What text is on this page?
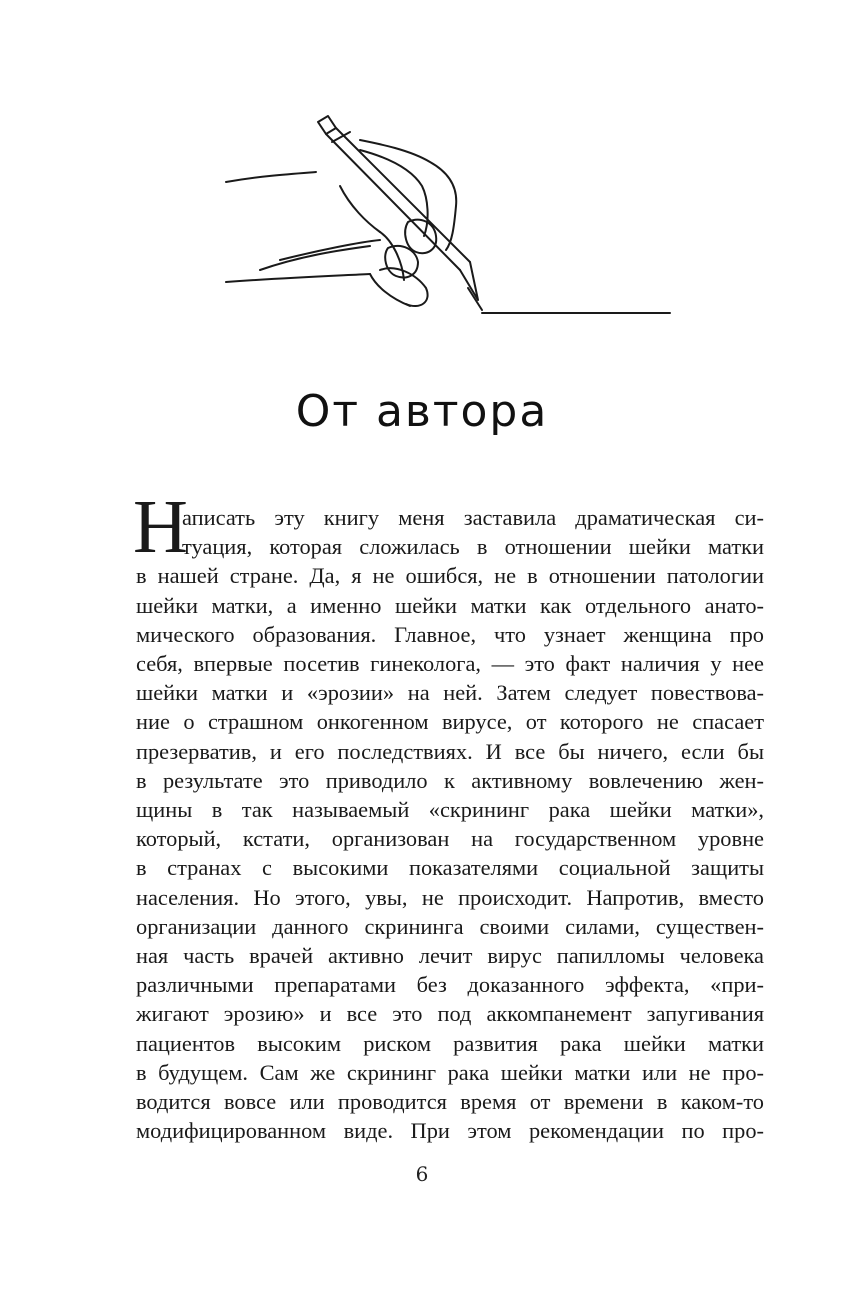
От автора
Н
аписать эту книгу меня заставила драматическая си-
туация, которая сложилась в отношении шейки матки
в нашей стране. Да, я не ошибся, не в отношении патологии
шейки матки, а именно шейки матки как отдельного анато-
мического образования. Главное, что узнает женщина про
себя, впервые посетив гинеколога, — это факт наличия у нее
шейки матки и «эрозии» на ней. Затем следует повествова-
ние о страшном онкогенном вирусе, от которого не спасает
презерватив, и его последствиях. И все бы ничего, если бы
в результате это приводило к активному вовлечению жен-
щины в так называемый «скрининг рака шейки матки»,
который, кстати, организован на государственном уровне
в странах с высокими показателями социальной защиты
населения. Но этого, увы, не происходит. Напротив, вместо
организации данного скрининга своими силами, существен-
ная часть врачей активно лечит вирус папилломы человека
различными препаратами без доказанного эффекта, «при-
жигают эрозию» и все это под аккомпанемент запугивания
пациентов высоким риском развития рака шейки матки
в будущем. Сам же скрининг рака шейки матки или не про-
водится вовсе или проводится время от времени в каком-то
модифицированном виде. При этом рекомендации по про-
6
